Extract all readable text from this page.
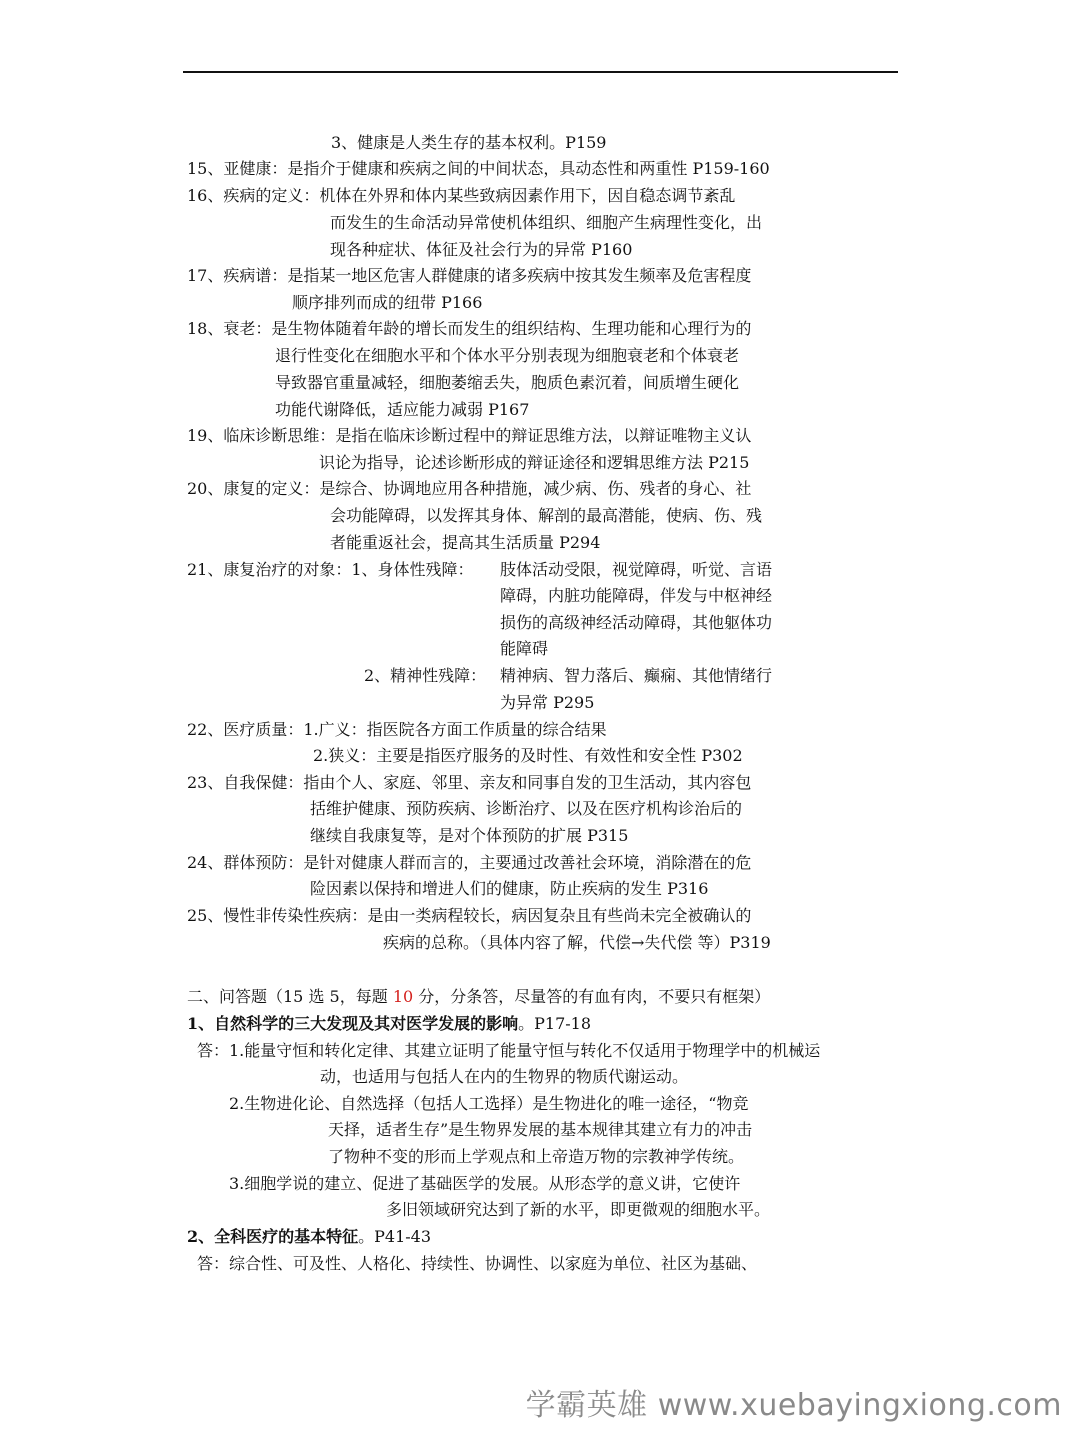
3、健康是人类生存的基本权利。P159
15、亚健康：是指介于健康和疾病之间的中间状态，具动态性和两重性 P159-160
16、疾病的定义：机体在外界和体内某些致病因素作用下，因自稳态调节紊乱
而发生的生命活动异常使机体组织、细胞产生病理性变化，出
现各种症状、体征及社会行为的异常 P160
17、疾病谱：是指某一地区危害人群健康的诸多疾病中按其发生频率及危害程度
顺序排列而成的纽带 P166
18、衰老：是生物体随着年龄的增长而发生的组织结构、生理功能和心理行为的
退行性变化在细胞水平和个体水平分别表现为细胞衰老和个体衰老
导致器官重量减轻，细胞萎缩丢失，胞质色素沉着，间质增生硬化
功能代谢降低，适应能力减弱 P167
19、临床诊断思维：是指在临床诊断过程中的辩证思维方法，以辩证唯物主义认
识论为指导，论述诊断形成的辩证途径和逻辑思维方法 P215
20、康复的定义：是综合、协调地应用各种措施，减少病、伤、残者的身心、社
会功能障碍，以发挥其身体、解剖的最高潜能，使病、伤、残
者能重返社会，提高其生活质量 P294
21、康复治疗的对象：1、身体性残障： 肢体活动受限，视觉障碍，听觉、言语
障碍，内脏功能障碍，伴发与中枢神经
损伤的高级神经活动障碍，其他躯体功
能障碍
2、精神性残障： 精神病、智力落后、癫痫、其他情绪行
为异常 P295
22、医疗质量：1.广义：指医院各方面工作质量的综合结果
2.狭义：主要是指医疗服务的及时性、有效性和安全性 P302
23、自我保健：指由个人、家庭、邻里、亲友和同事自发的卫生活动，其内容包
括维护健康、预防疾病、诊断治疗、以及在医疗机构诊治后的
继续自我康复等，是对个体预防的扩展 P315
24、群体预防：是针对健康人群而言的，主要通过改善社会环境，消除潜在的危
险因素以保持和增进人们的健康，防止疾病的发生 P316
25、慢性非传染性疾病：是由一类病程较长，病因复杂且有些尚未完全被确认的
疾病的总称。（具体内容了解，代偿→失代偿 等）P319
二、问答题（15 选 5，每题 10 分，分条答，尽量答的有血有肉，不要只有框架）
1、自然科学的三大发现及其对医学发展的影响。P17-18
答：1.能量守恒和转化定律、其建立证明了能量守恒与转化不仅适用于物理学中的机械运
动，也适用与包括人在内的生物界的物质代谢运动。
2.生物进化论、自然选择（包括人工选择）是生物进化的唯一途径，“物竞
天择，适者生存”是生物界发展的基本规律其建立有力的冲击
了物种不变的形而上学观点和上帝造万物的宗教神学传统。
3.细胞学说的建立、促进了基础医学的发展。从形态学的意义讲，它使许
多旧领域研究达到了新的水平，即更微观的细胞水平。
2、全科医疗的基本特征。P41-43
答：综合性、可及性、人格化、持续性、协调性、以家庭为单位、社区为基础、
学霸英雄 www.xuebayingxiong.com
